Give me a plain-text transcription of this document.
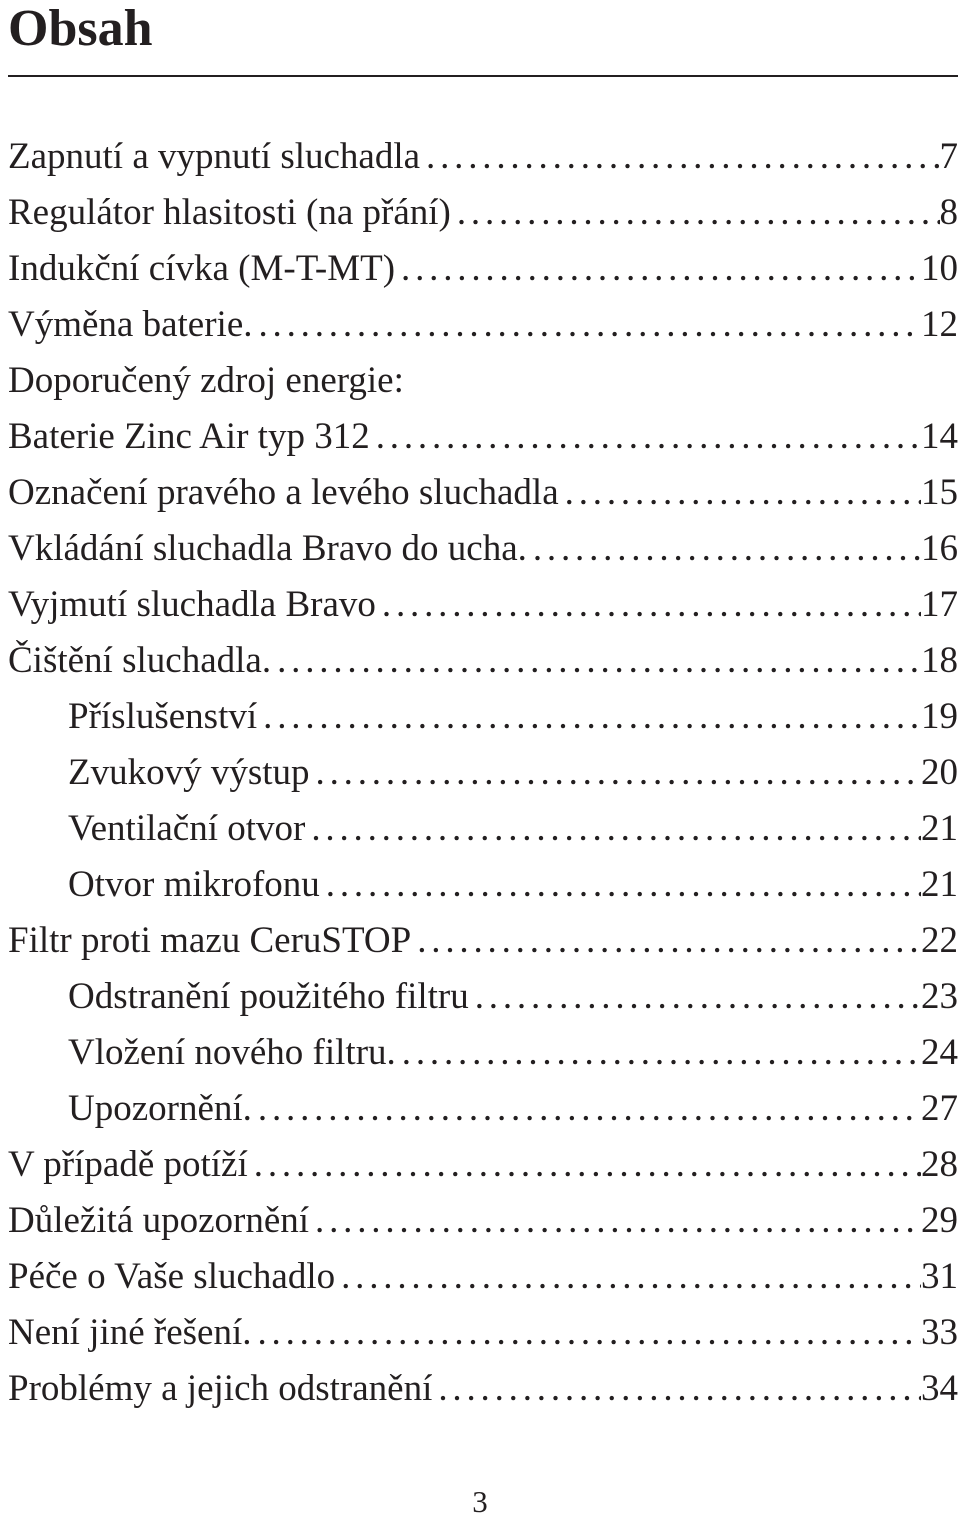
Obsah
Zapnutí a vypnutí sluchadla . . .	7
Regulátor hlasitosti (na přání) . . .	8
Indukční cívka (M-T-MT) . . .	10
Výměna baterie. . . .	12
Doporučený zdroj energie:
Baterie Zinc Air typ 312 . . .	14
Označení pravého a levého sluchadla . . .	15
Vkládání sluchadla Bravo do ucha. . . .	16
Vyjmutí sluchadla Bravo . . .	17
Čištění sluchadla. . . .	18
Příslušenství . . .	19
Zvukový výstup . . .	20
Ventilační otvor . . .	21
Otvor mikrofonu . . .	21
Filtr proti mazu CeruSTOP . . .	22
Odstranění použitého filtru . . .	23
Vložení nového filtru. . . .	24
Upozornění. . . .	27
V případě potíží . . .	28
Důležitá upozornění . . .	29
Péče o Vaše sluchadlo . . .	31
Není jiné řešení. . . .	33
Problémy a jejich odstranění . . .	34

3
